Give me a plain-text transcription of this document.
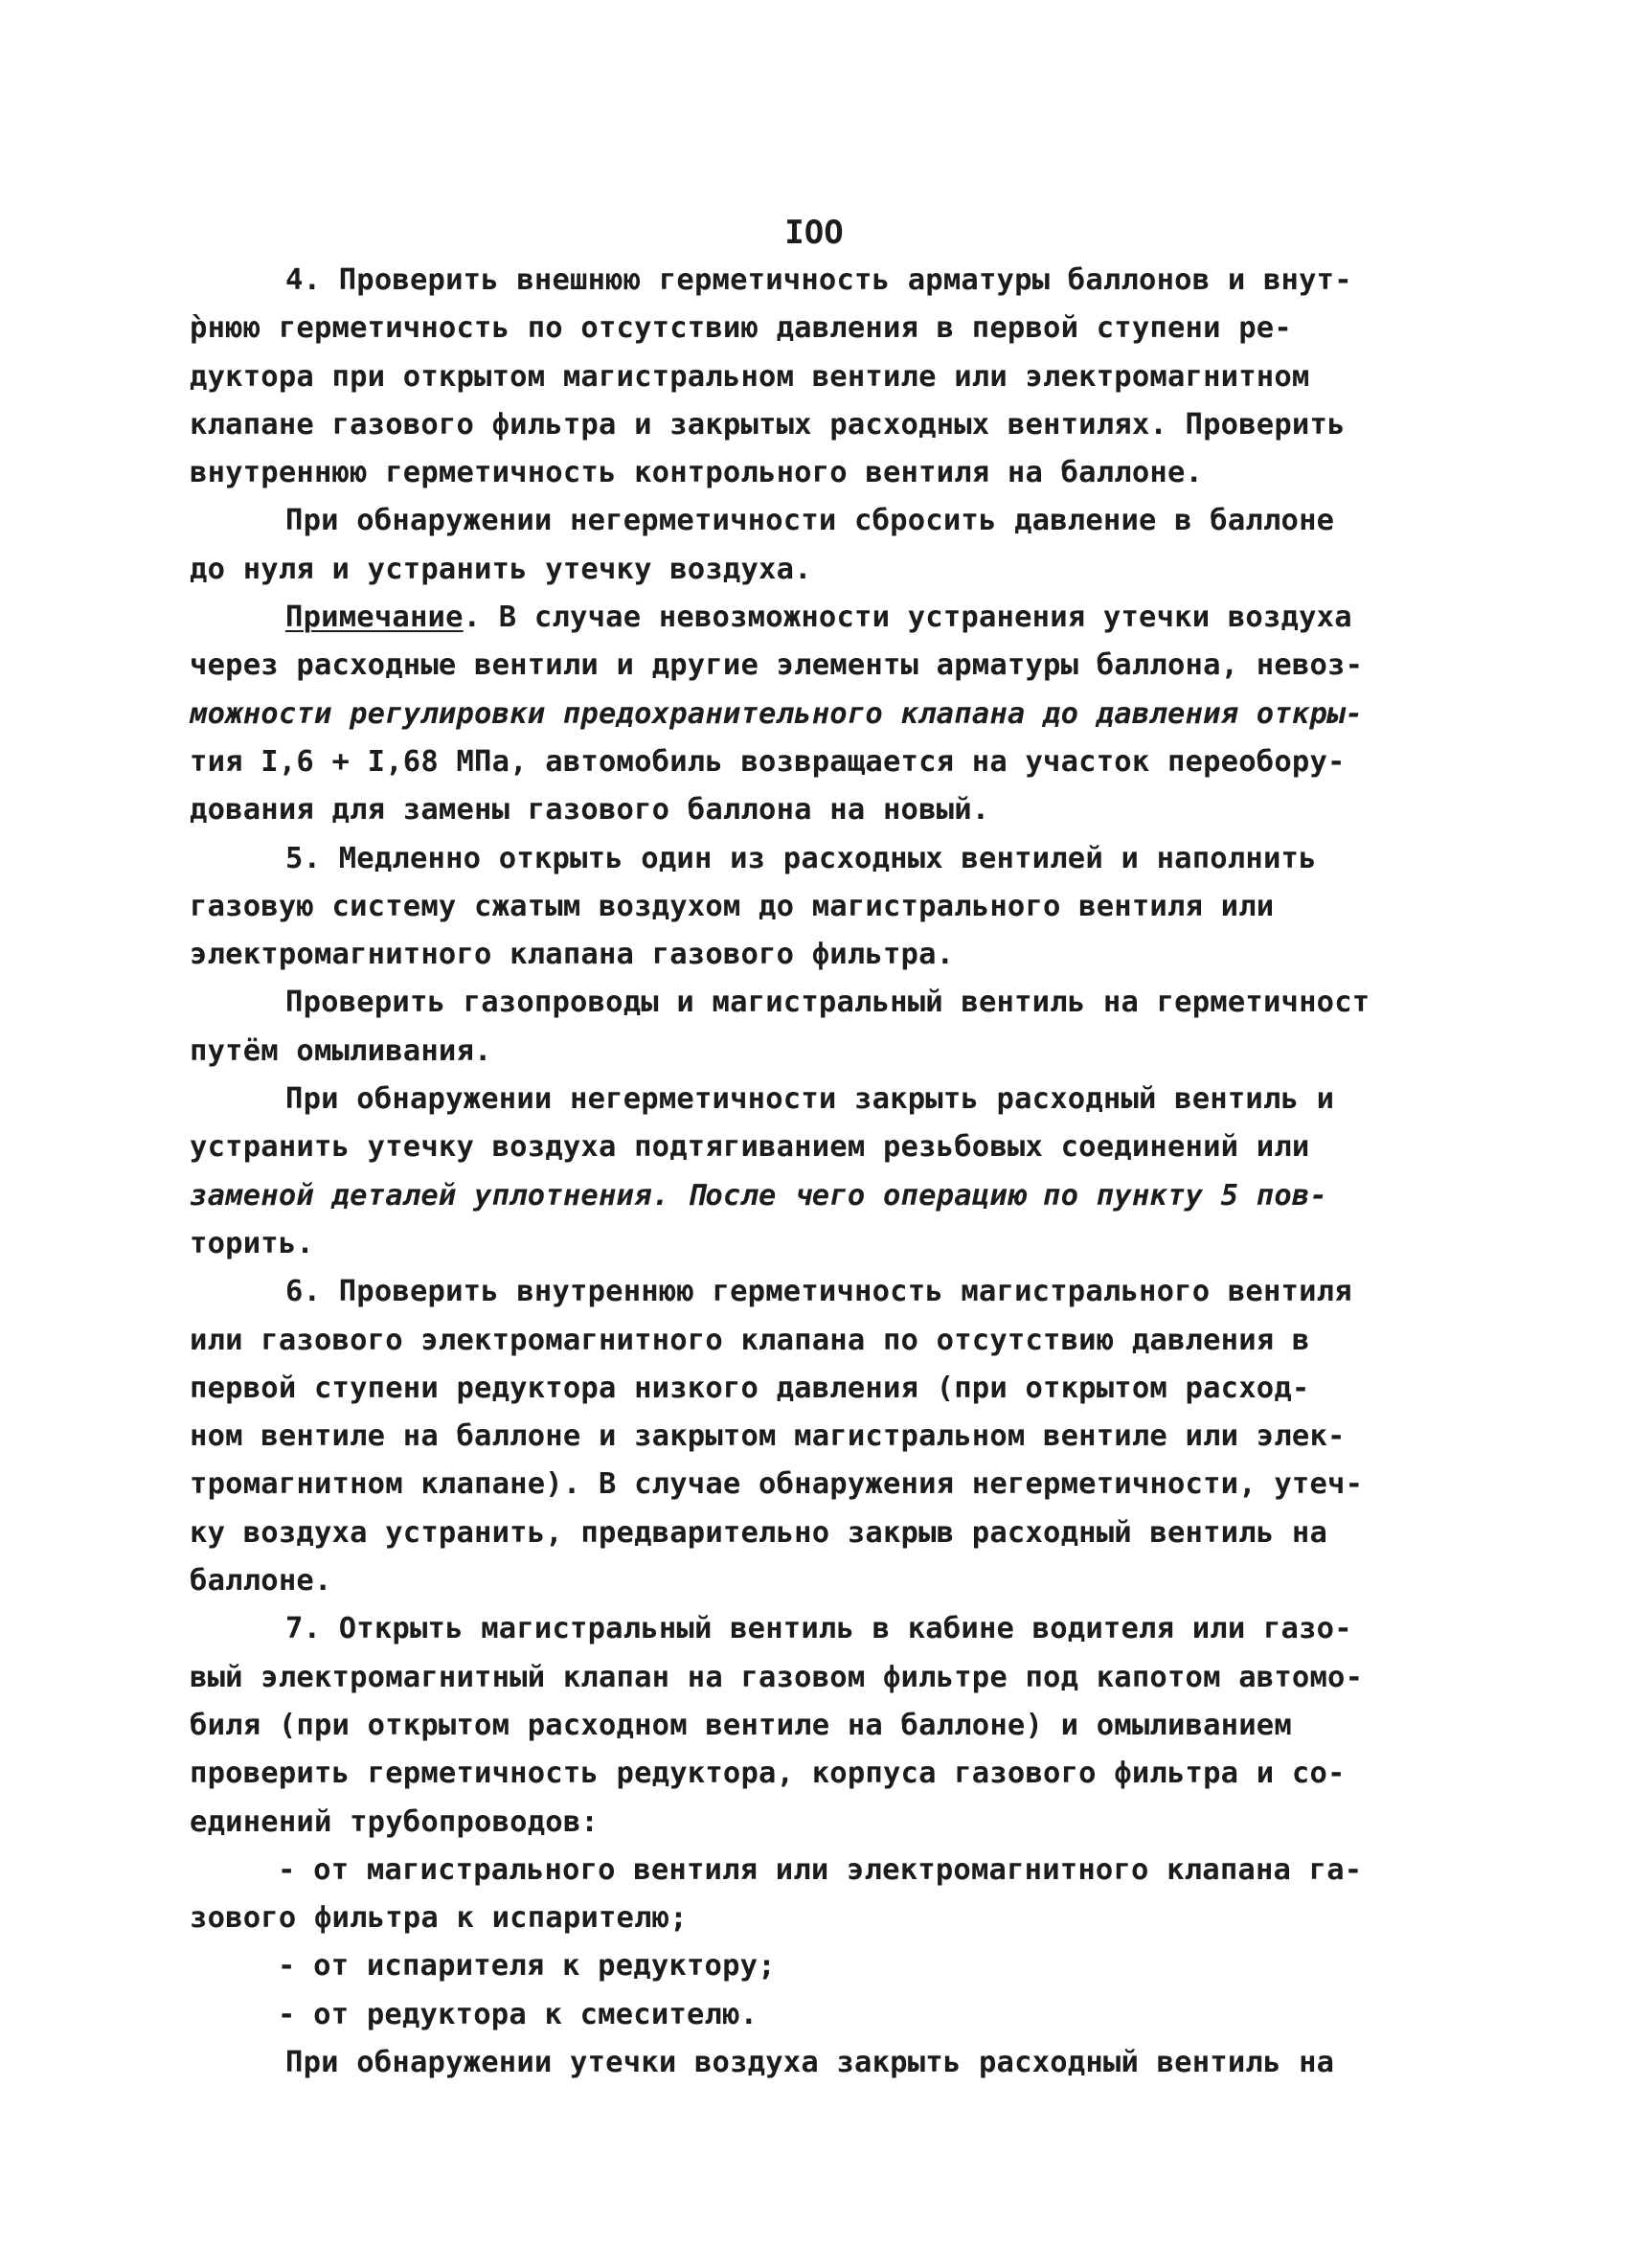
IOO
4. Проверить внешнюю герметичность арматуры баллонов и внут-
р̀нюю герметичность по отсутствию давления в первой ступени ре-
дуктора при открытом магистральном вентиле или электромагнитном
клапане газового фильтра и закрытых расходных вентилях. Проверить
внутреннюю герметичность контрольного вентиля на баллоне.
При обнаружении негерметичности сбросить давление в баллоне
до нуля и устранить утечку воздуха.
Примечание. В случае невозможности устранения утечки воздуха
через расходные вентили и другие элементы арматуры баллона, невоз-
можности регулировки предохранительного клапана до давления откры-
тия I,6 + I,68 МПа, автомобиль возвращается на участок переобору-
дования для замены газового баллона на новый.
5. Медленно открыть один из расходных вентилей и наполнить
газовую систему сжатым воздухом до магистрального вентиля или
электромагнитного клапана газового фильтра.
Проверить газопроводы и магистральный вентиль на герметичност
путём омыливания.
При обнаружении негерметичности закрыть расходный вентиль и
устранить утечку воздуха подтягиванием резьбовых соединений или
заменой деталей уплотнения. После чего операцию по пункту 5 пов-
торить.
6. Проверить внутреннюю герметичность магистрального вентиля
или газового электромагнитного клапана по отсутствию давления в
первой ступени редуктора низкого давления (при открытом расход-
ном вентиле на баллоне и закрытом магистральном вентиле или элек-
тромагнитном клапане). В случае обнаружения негерметичности, утеч-
ку воздуха устранить, предварительно закрыв расходный вентиль на
баллоне.
7. Открыть магистральный вентиль в кабине водителя или газо-
вый электромагнитный клапан на газовом фильтре под капотом автомо-
биля (при открытом расходном вентиле на баллоне) и омыливанием
проверить герметичность редуктора, корпуса газового фильтра и со-
единений трубопроводов:
- от магистрального вентиля или электромагнитного клапана га-
зового фильтра к испарителю;
- от испарителя к редуктору;
- от редуктора к смесителю.
При обнаружении утечки воздуха закрыть расходный вентиль на
